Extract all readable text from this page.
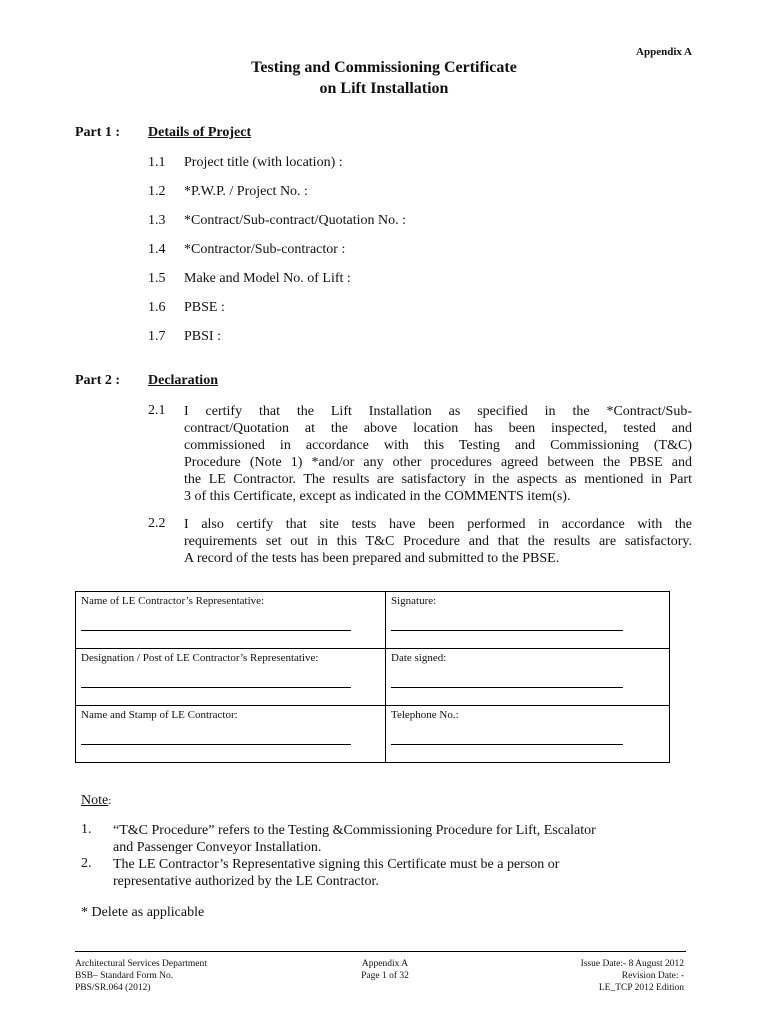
Appendix A
Testing and Commissioning Certificate
on Lift Installation
Part 1 : Details of Project
1.1 Project title (with location) :
1.2 *P.W.P. / Project No. :
1.3 *Contract/Sub-contract/Quotation No. :
1.4 *Contractor/Sub-contractor :
1.5 Make and Model No. of Lift :
1.6 PBSE :
1.7 PBSI :
Part 2 : Declaration
2.1 I certify that the Lift Installation as specified in the *Contract/Sub-
contract/Quotation at the above location has been inspected, tested and
commissioned in accordance with this Testing and Commissioning (T&C)
Procedure (Note 1) *and/or any other procedures agreed between the PBSE and
the LE Contractor. The results are satisfactory in the aspects as mentioned in Part
3 of this Certificate, except as indicated in the COMMENTS item(s).
2.2 I also certify that site tests have been performed in accordance with the
requirements set out in this T&C Procedure and that the results are satisfactory.
A record of the tests has been prepared and submitted to the PBSE.
Name of LE Contractor’s Representative:	Signature:

Designation / Post of LE Contractor’s Representative:	Date signed:

Name and Stamp of LE Contractor:	Telephone No.:
Note:
1. “T&C Procedure” refers to the Testing &Commissioning Procedure for Lift, Escalator
and Passenger Conveyor Installation.
2. The LE Contractor’s Representative signing this Certificate must be a person or
representative authorized by the LE Contractor.
* Delete as applicable
Architectural Services Department
BSB– Standard Form No.
PBS/SR.064 (2012)
Appendix A
Page 1 of 32
Issue Date:- 8 August 2012
Revision Date: -
LE_TCP 2012 Edition
